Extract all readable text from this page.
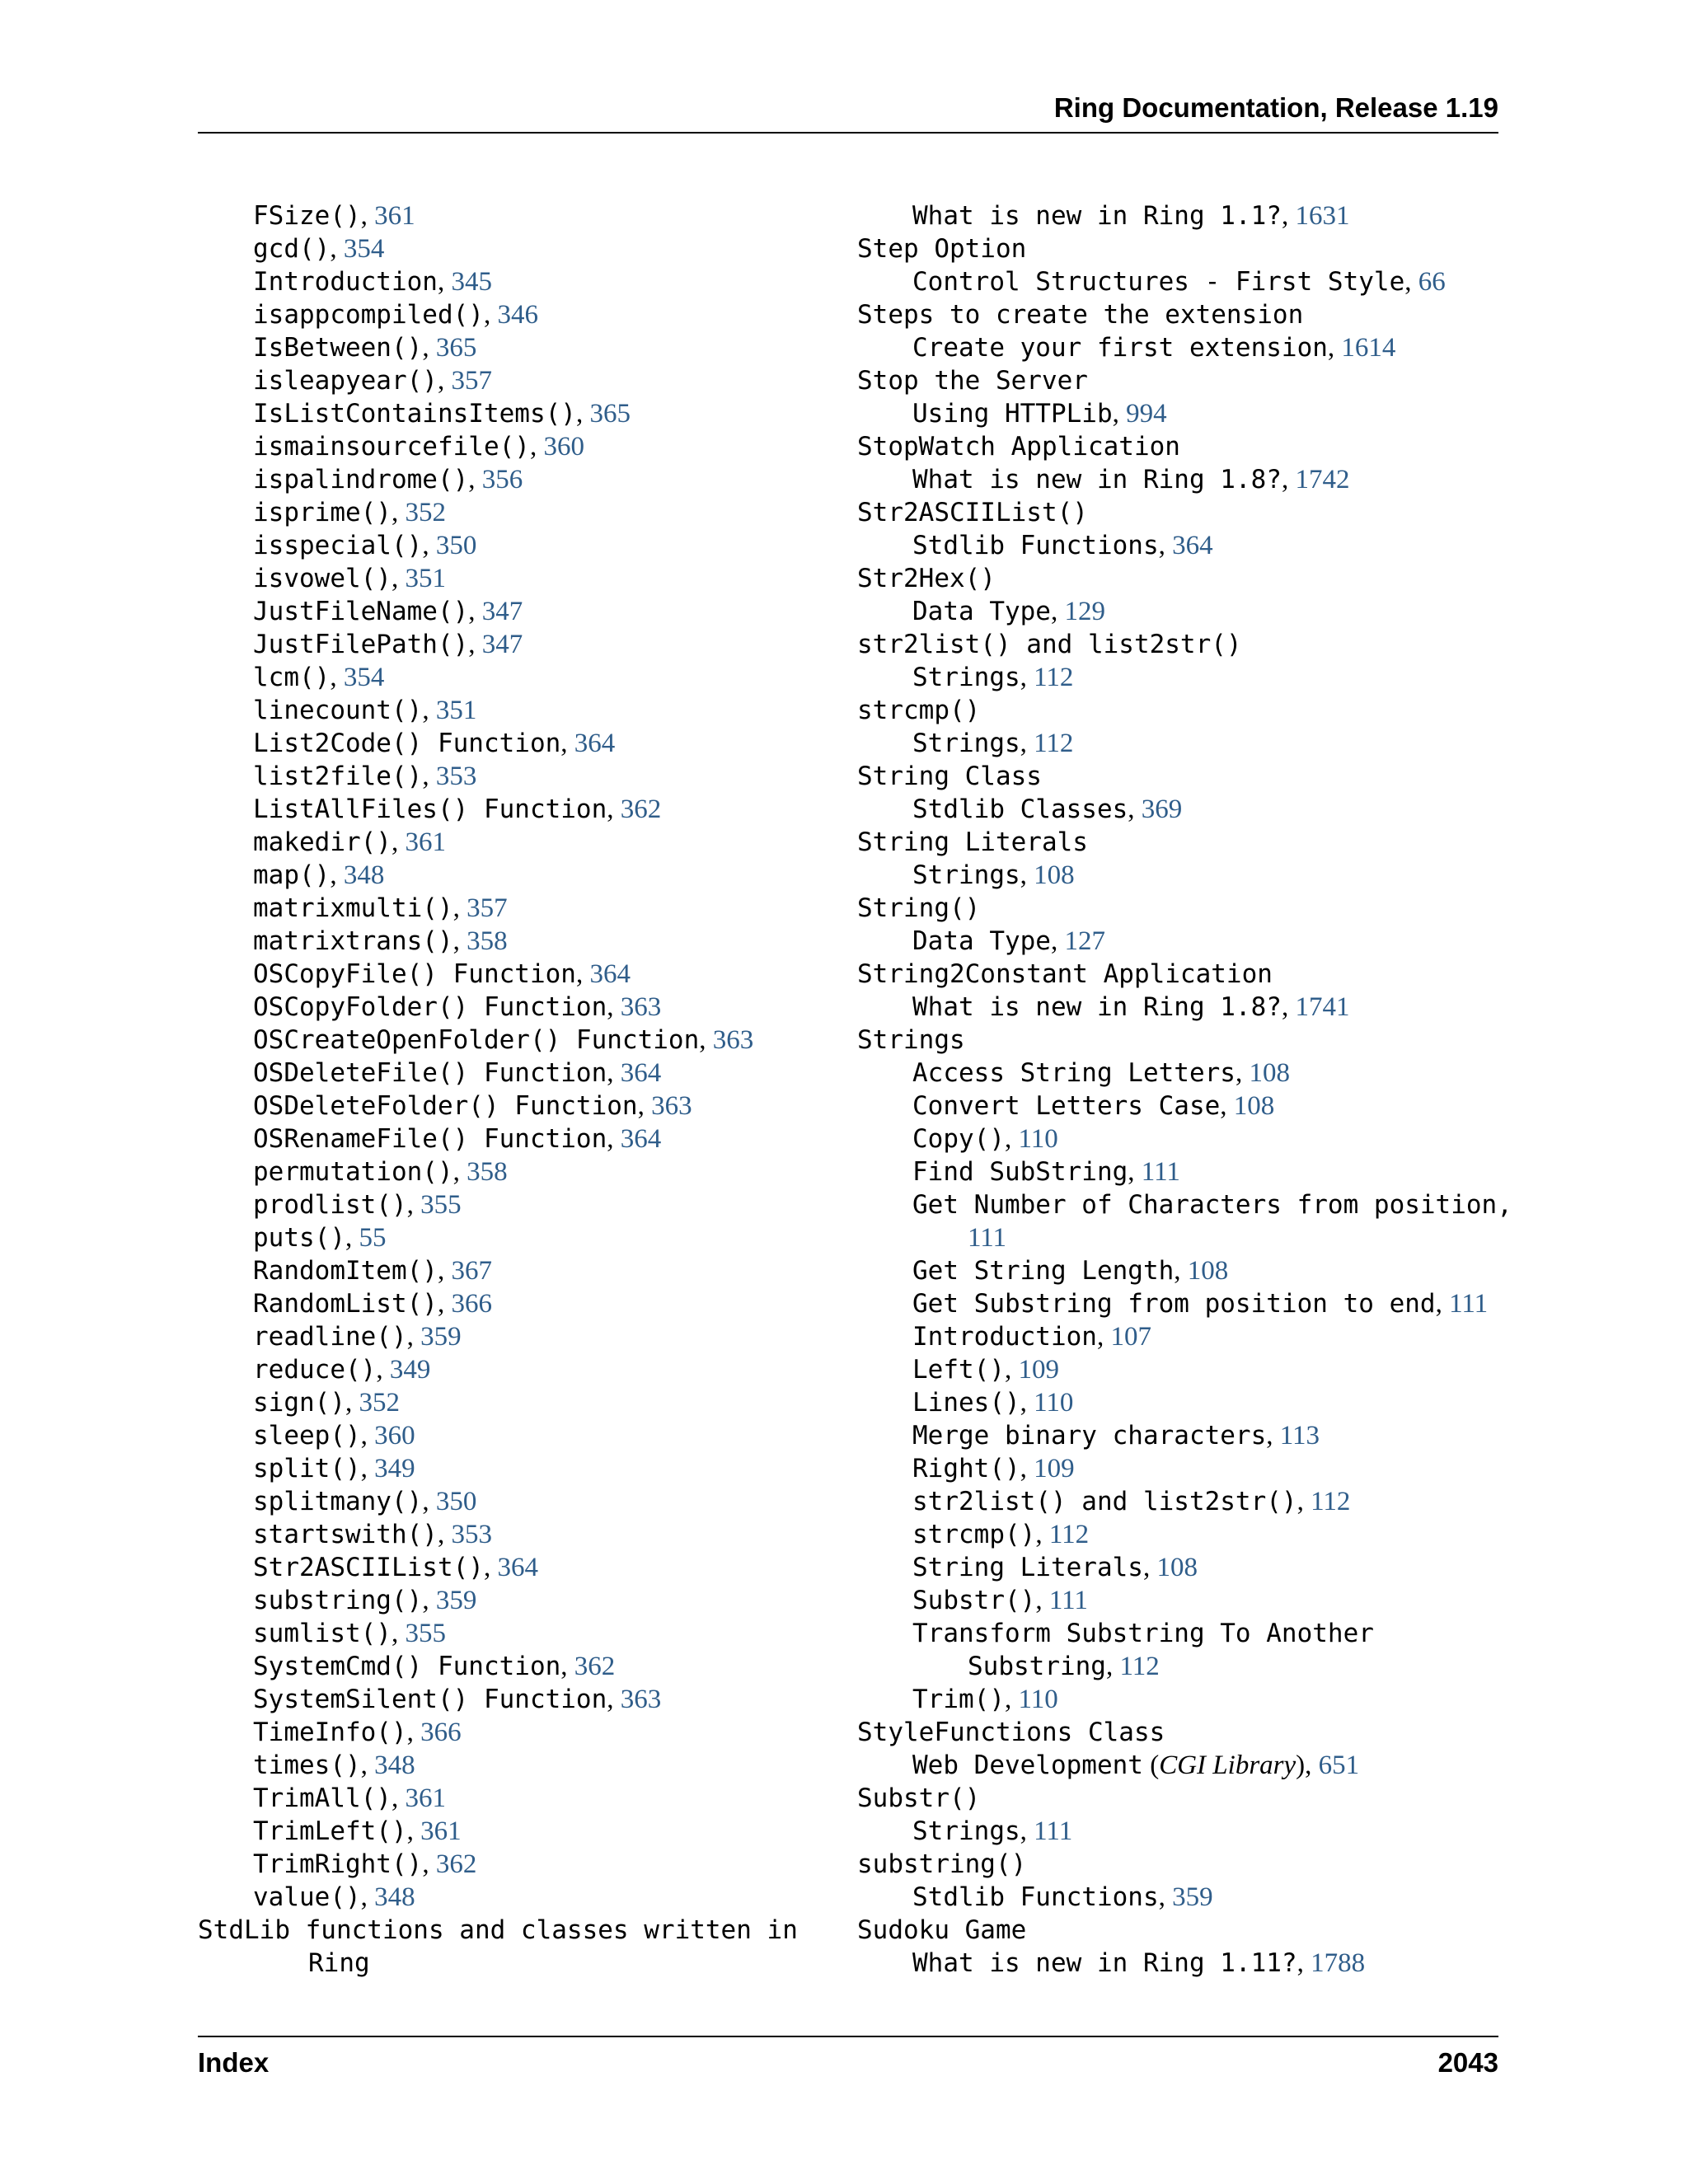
Ring Documentation, Release 1.19
FSize(), 361
gcd(), 354
Introduction, 345
isappcompiled(), 346
IsBetween(), 365
isleapyear(), 357
IsListContainsItems(), 365
ismainsourcefile(), 360
ispalindrome(), 356
isprime(), 352
isspecial(), 350
isvowel(), 351
JustFileName(), 347
JustFilePath(), 347
lcm(), 354
linecount(), 351
List2Code() Function, 364
list2file(), 353
ListAllFiles() Function, 362
makedir(), 361
map(), 348
matrixmulti(), 357
matrixtrans(), 358
OSCopyFile() Function, 364
OSCopyFolder() Function, 363
OSCreateOpenFolder() Function, 363
OSDeleteFile() Function, 364
OSDeleteFolder() Function, 363
OSRenameFile() Function, 364
permutation(), 358
prodlist(), 355
puts(), 55
RandomItem(), 367
RandomList(), 366
readline(), 359
reduce(), 349
sign(), 352
sleep(), 360
split(), 349
splitmany(), 350
startswith(), 353
Str2ASCIIList(), 364
substring(), 359
sumlist(), 355
SystemCmd() Function, 362
SystemSilent() Function, 363
TimeInfo(), 366
times(), 348
TrimAll(), 361
TrimLeft(), 361
TrimRight(), 362
value(), 348
StdLib functions and classes written in
Ring
What is new in Ring 1.1?, 1631
Step Option
Control Structures - First Style, 66
Steps to create the extension
Create your first extension, 1614
Stop the Server
Using HTTPLib, 994
StopWatch Application
What is new in Ring 1.8?, 1742
Str2ASCIIList()
Stdlib Functions, 364
Str2Hex()
Data Type, 129
str2list() and list2str()
Strings, 112
strcmp()
Strings, 112
String Class
Stdlib Classes, 369
String Literals
Strings, 108
String()
Data Type, 127
String2Constant Application
What is new in Ring 1.8?, 1741
Strings
Access String Letters, 108
Convert Letters Case, 108
Copy(), 110
Find SubString, 111
Get Number of Characters from position,
111
Get String Length, 108
Get Substring from position to end, 111
Introduction, 107
Left(), 109
Lines(), 110
Merge binary characters, 113
Right(), 109
str2list() and list2str(), 112
strcmp(), 112
String Literals, 108
Substr(), 111
Transform Substring To Another
Substring, 112
Trim(), 110
StyleFunctions Class
Web Development (CGI Library), 651
Substr()
Strings, 111
substring()
Stdlib Functions, 359
Sudoku Game
What is new in Ring 1.11?, 1788
Index	2043
